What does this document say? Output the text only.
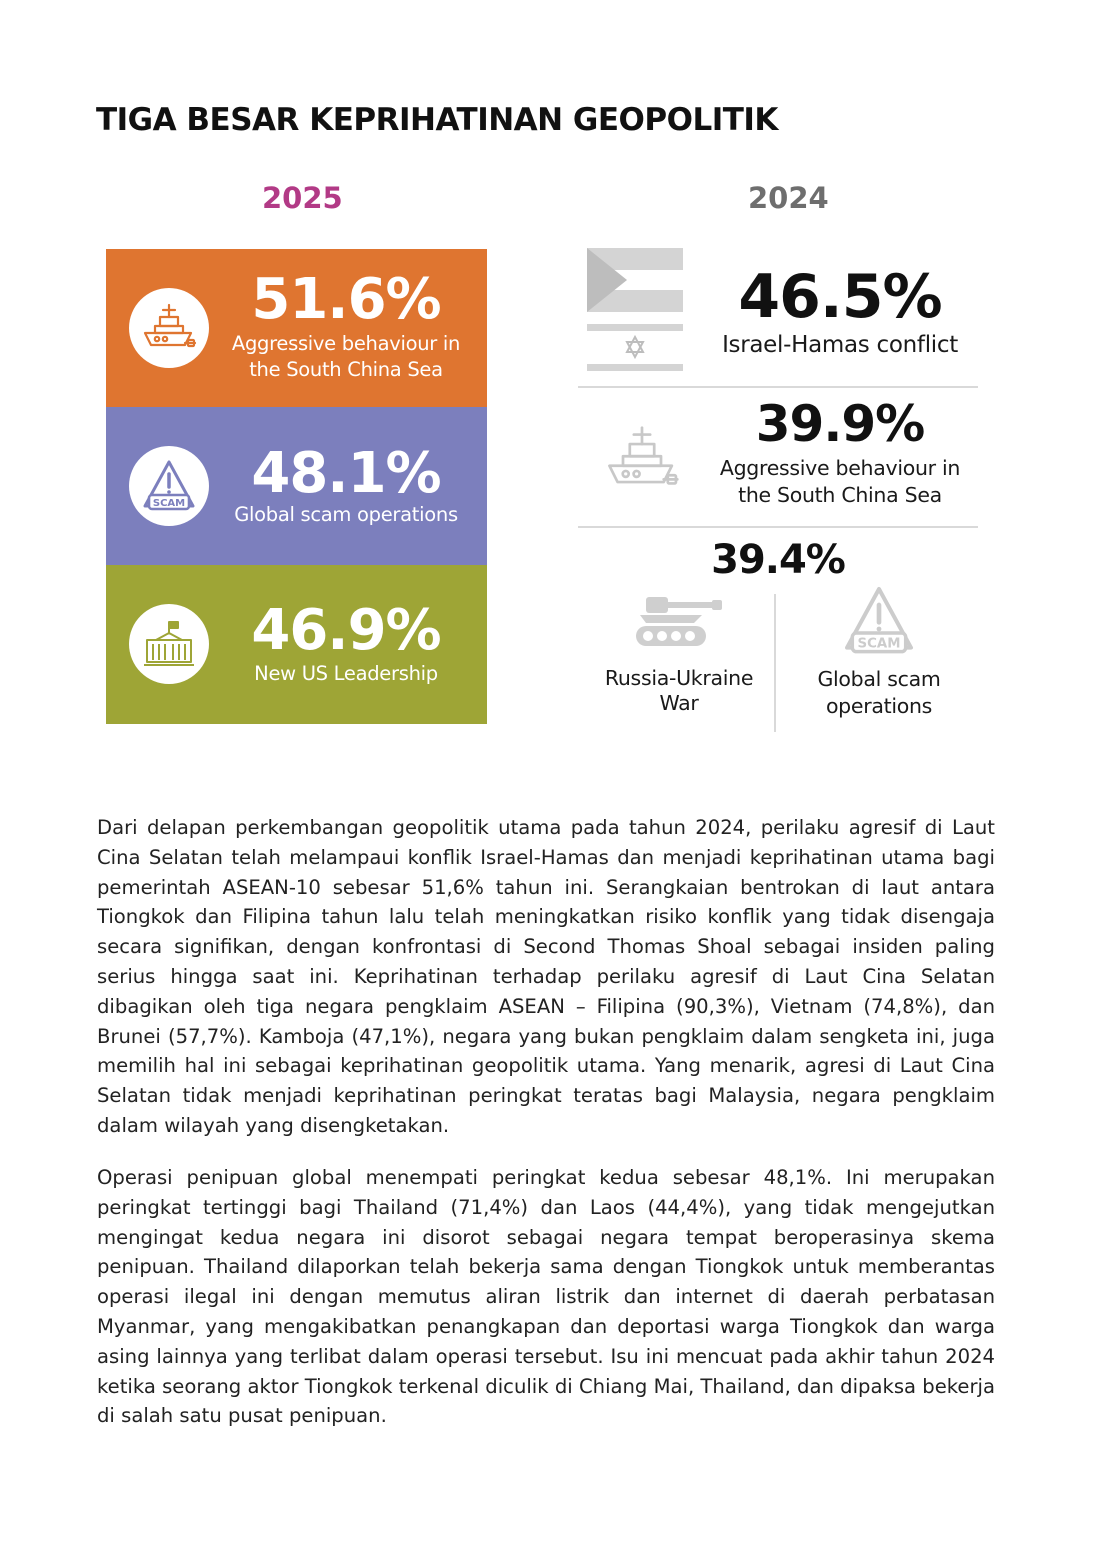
TIGA BESAR KEPRIHATINAN GEOPOLITIK
2025	2024
51.6%
Aggressive behaviour in the South China Sea
SCAM	48.1%
Global scam operations
46.9%
New US Leadership
46.5%
Israel-Hamas conflict
39.9%
Aggressive behaviour in the South China Sea
39.4%
Russia-Ukraine War
SCAM
Global scam operations

Dari delapan perkembangan geopolitik utama pada tahun 2024, perilaku agresif di Laut Cina Selatan telah melampaui konflik Israel-Hamas dan menjadi keprihatinan utama bagi pemerintah ASEAN-10 sebesar 51,6% tahun ini. Serangkaian bentrokan di laut antara Tiongkok dan Filipina tahun lalu telah meningkatkan risiko konflik yang tidak disengaja secara signifikan, dengan konfrontasi di Second Thomas Shoal sebagai insiden paling serius hingga saat ini. Keprihatinan terhadap perilaku agresif di Laut Cina Selatan dibagikan oleh tiga negara pengklaim ASEAN – Filipina (90,3%), Vietnam (74,8%), dan Brunei (57,7%). Kamboja (47,1%), negara yang bukan pengklaim dalam sengketa ini, juga memilih hal ini sebagai keprihatinan geopolitik utama. Yang menarik, agresi di Laut Cina Selatan tidak menjadi keprihatinan peringkat teratas bagi Malaysia, negara pengklaim dalam wilayah yang disengketakan.

Operasi penipuan global menempati peringkat kedua sebesar 48,1%. Ini merupakan peringkat tertinggi bagi Thailand (71,4%) dan Laos (44,4%), yang tidak mengejutkan mengingat kedua negara ini disorot sebagai negara tempat beroperasinya skema penipuan. Thailand dilaporkan telah bekerja sama dengan Tiongkok untuk memberantas operasi ilegal ini dengan memutus aliran listrik dan internet di daerah perbatasan Myanmar, yang mengakibatkan penangkapan dan deportasi warga Tiongkok dan warga asing lainnya yang terlibat dalam operasi tersebut. Isu ini mencuat pada akhir tahun 2024 ketika seorang aktor Tiongkok terkenal diculik di Chiang Mai, Thailand, dan dipaksa bekerja di salah satu pusat penipuan.
